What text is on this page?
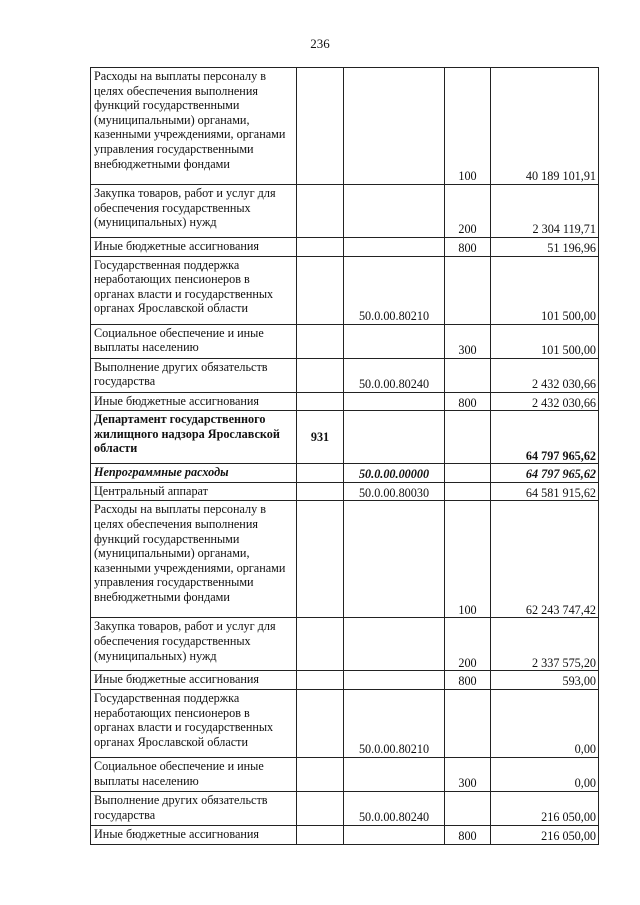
236
Расходы на выплаты персоналу в целях обеспечения выполнения функций государственными (муниципальными) органами, казенными учреждениями, органами управления государственными внебюджетными фондами			100	40 189 101,91
Закупка товаров, работ и услуг для обеспечения государственных (муниципальных) нужд			200	2 304 119,71
Иные бюджетные ассигнования			800	51 196,96
Государственная поддержка неработающих пенсионеров в органах власти и государственных органах Ярославской области		50.0.00.80210		101 500,00
Социальное обеспечение и иные выплаты населению			300	101 500,00
Выполнение других обязательств государства		50.0.00.80240		2 432 030,66
Иные бюджетные ассигнования			800	2 432 030,66
Департамент государственного жилищного надзора Ярославской области	931			64 797 965,62
Непрограммные расходы		50.0.00.00000		64 797 965,62
Центральный аппарат		50.0.00.80030		64 581 915,62
Расходы на выплаты персоналу в целях обеспечения выполнения функций государственными (муниципальными) органами, казенными учреждениями, органами управления государственными внебюджетными фондами			100	62 243 747,42
Закупка товаров, работ и услуг для обеспечения государственных (муниципальных) нужд			200	2 337 575,20
Иные бюджетные ассигнования			800	593,00
Государственная поддержка неработающих пенсионеров в органах власти и государственных органах Ярославской области		50.0.00.80210		0,00
Социальное обеспечение и иные выплаты населению			300	0,00
Выполнение других обязательств государства		50.0.00.80240		216 050,00
Иные бюджетные ассигнования			800	216 050,00
